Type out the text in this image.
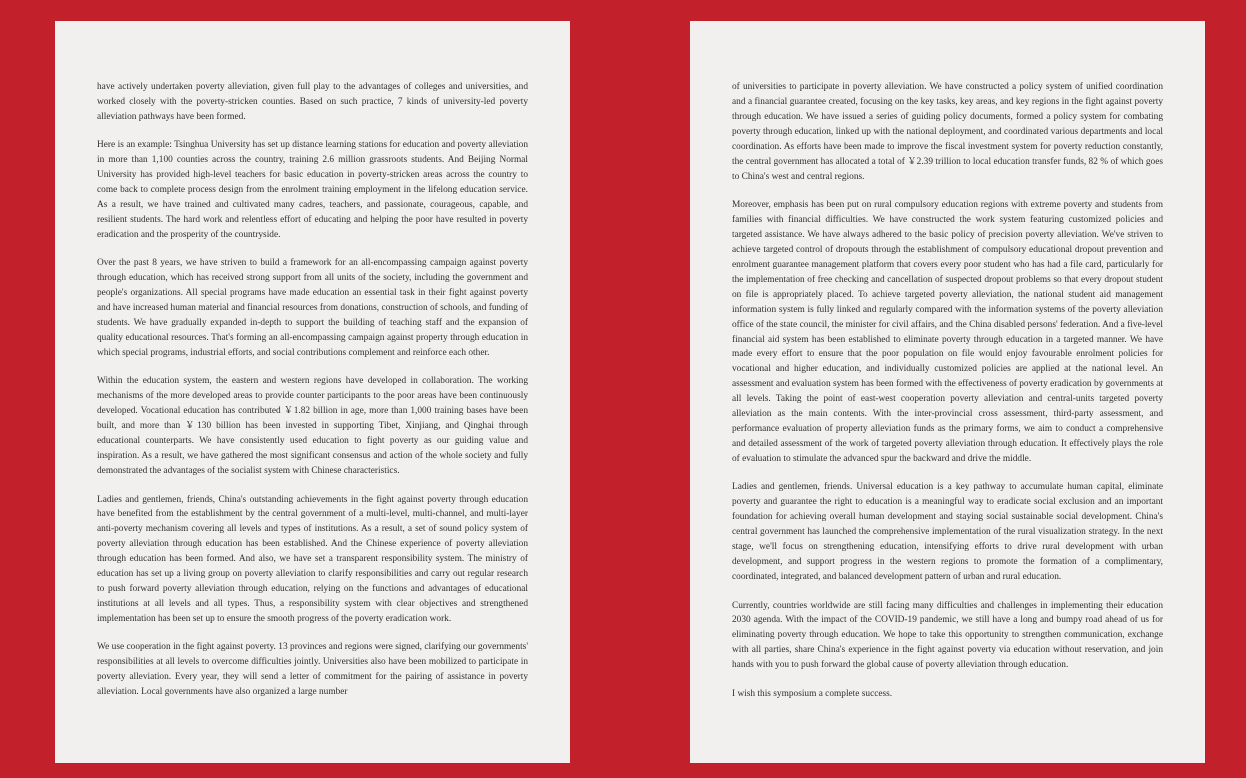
have actively undertaken poverty alleviation, given full play to the advantages of colleges and universities, and worked closely with the poverty-stricken counties. Based on such practice, 7 kinds of university-led poverty alleviation pathways have been formed.

Here is an example: Tsinghua University has set up distance learning stations for education and poverty alleviation in more than 1,100 counties across the country, training 2.6 million grassroots students. And Beijing Normal University has provided high-level teachers for basic education in poverty-stricken areas across the country to come back to complete process design from the enrolment training employment in the lifelong education service. As a result, we have trained and cultivated many cadres, teachers, and passionate, courageous, capable, and resilient students. The hard work and relentless effort of educating and helping the poor have resulted in poverty eradication and the prosperity of the countryside.

Over the past 8 years, we have striven to build a framework for an all-encompassing campaign against poverty through education, which has received strong support from all units of the society, including the government and people's organizations. All special programs have made education an essential task in their fight against poverty and have increased human material and financial resources from donations, construction of schools, and funding of students. We have gradually expanded in-depth to support the building of teaching staff and the expansion of quality educational resources. That's forming an all-encompassing campaign against property through education in which special programs, industrial efforts, and social contributions complement and reinforce each other.

Within the education system, the eastern and western regions have developed in collaboration. The working mechanisms of the more developed areas to provide counter participants to the poor areas have been continuously developed. Vocational education has contributed ￥1.82 billion in age, more than 1,000 training bases have been built, and more than ￥130 billion has been invested in supporting Tibet, Xinjiang, and Qinghai through educational counterparts. We have consistently used education to fight poverty as our guiding value and inspiration. As a result, we have gathered the most significant consensus and action of the whole society and fully demonstrated the advantages of the socialist system with Chinese characteristics.

Ladies and gentlemen, friends, China's outstanding achievements in the fight against poverty through education have benefited from the establishment by the central government of a multi-level, multi-channel, and multi-layer anti-poverty mechanism covering all levels and types of institutions. As a result, a set of sound policy system of poverty alleviation through education has been established. And the Chinese experience of poverty alleviation through education has been formed. And also, we have set a transparent responsibility system. The ministry of education has set up a living group on poverty alleviation to clarify responsibilities and carry out regular research to push forward poverty alleviation through education, relying on the functions and advantages of educational institutions at all levels and all types. Thus, a responsibility system with clear objectives and strengthened implementation has been set up to ensure the smooth progress of the poverty eradication work.

We use cooperation in the fight against poverty. 13 provinces and regions were signed, clarifying our governments' responsibilities at all levels to overcome difficulties jointly. Universities also have been mobilized to participate in poverty alleviation. Every year, they will send a letter of commitment for the pairing of assistance in poverty alleviation. Local governments have also organized a large number

of universities to participate in poverty alleviation. We have constructed a policy system of unified coordination and a financial guarantee created, focusing on the key tasks, key areas, and key regions in the fight against poverty through education. We have issued a series of guiding policy documents, formed a policy system for combating poverty through education, linked up with the national deployment, and coordinated various departments and local coordination. As efforts have been made to improve the fiscal investment system for poverty reduction constantly, the central government has allocated a total of ￥2.39 trillion to local education transfer funds, 82 % of which goes to China's west and central regions.

Moreover, emphasis has been put on rural compulsory education regions with extreme poverty and students from families with financial difficulties. We have constructed the work system featuring customized policies and targeted assistance. We have always adhered to the basic policy of precision poverty alleviation. We've striven to achieve targeted control of dropouts through the establishment of compulsory educational dropout prevention and enrolment guarantee management platform that covers every poor student who has had a file card, particularly for the implementation of free checking and cancellation of suspected dropout problems so that every dropout student on file is appropriately placed. To achieve targeted poverty alleviation, the national student aid management information system is fully linked and regularly compared with the information systems of the poverty alleviation office of the state council, the minister for civil affairs, and the China disabled persons' federation. And a five-level financial aid system has been established to eliminate poverty through education in a targeted manner. We have made every effort to ensure that the poor population on file would enjoy favourable enrolment policies for vocational and higher education, and individually customized policies are applied at the national level. An assessment and evaluation system has been formed with the effectiveness of poverty eradication by governments at all levels. Taking the point of east-west cooperation poverty alleviation and central-units targeted poverty alleviation as the main contents. With the inter-provincial cross assessment, third-party assessment, and performance evaluation of property alleviation funds as the primary forms, we aim to conduct a comprehensive and detailed assessment of the work of targeted poverty alleviation through education. It effectively plays the role of evaluation to stimulate the advanced spur the backward and drive the middle.

Ladies and gentlemen, friends. Universal education is a key pathway to accumulate human capital, eliminate poverty and guarantee the right to education is a meaningful way to eradicate social exclusion and an important foundation for achieving overall human development and staying social sustainable social development. China's central government has launched the comprehensive implementation of the rural visualization strategy. In the next stage, we'll focus on strengthening education, intensifying efforts to drive rural development with urban development, and support progress in the western regions to promote the formation of a complimentary, coordinated, integrated, and balanced development pattern of urban and rural education.

Currently, countries worldwide are still facing many difficulties and challenges in implementing their education 2030 agenda. With the impact of the COVID-19 pandemic, we still have a long and bumpy road ahead of us for eliminating poverty through education. We hope to take this opportunity to strengthen communication, exchange with all parties, share China's experience in the fight against poverty via education without reservation, and join hands with you to push forward the global cause of poverty alleviation through education.

I wish this symposium a complete success.
